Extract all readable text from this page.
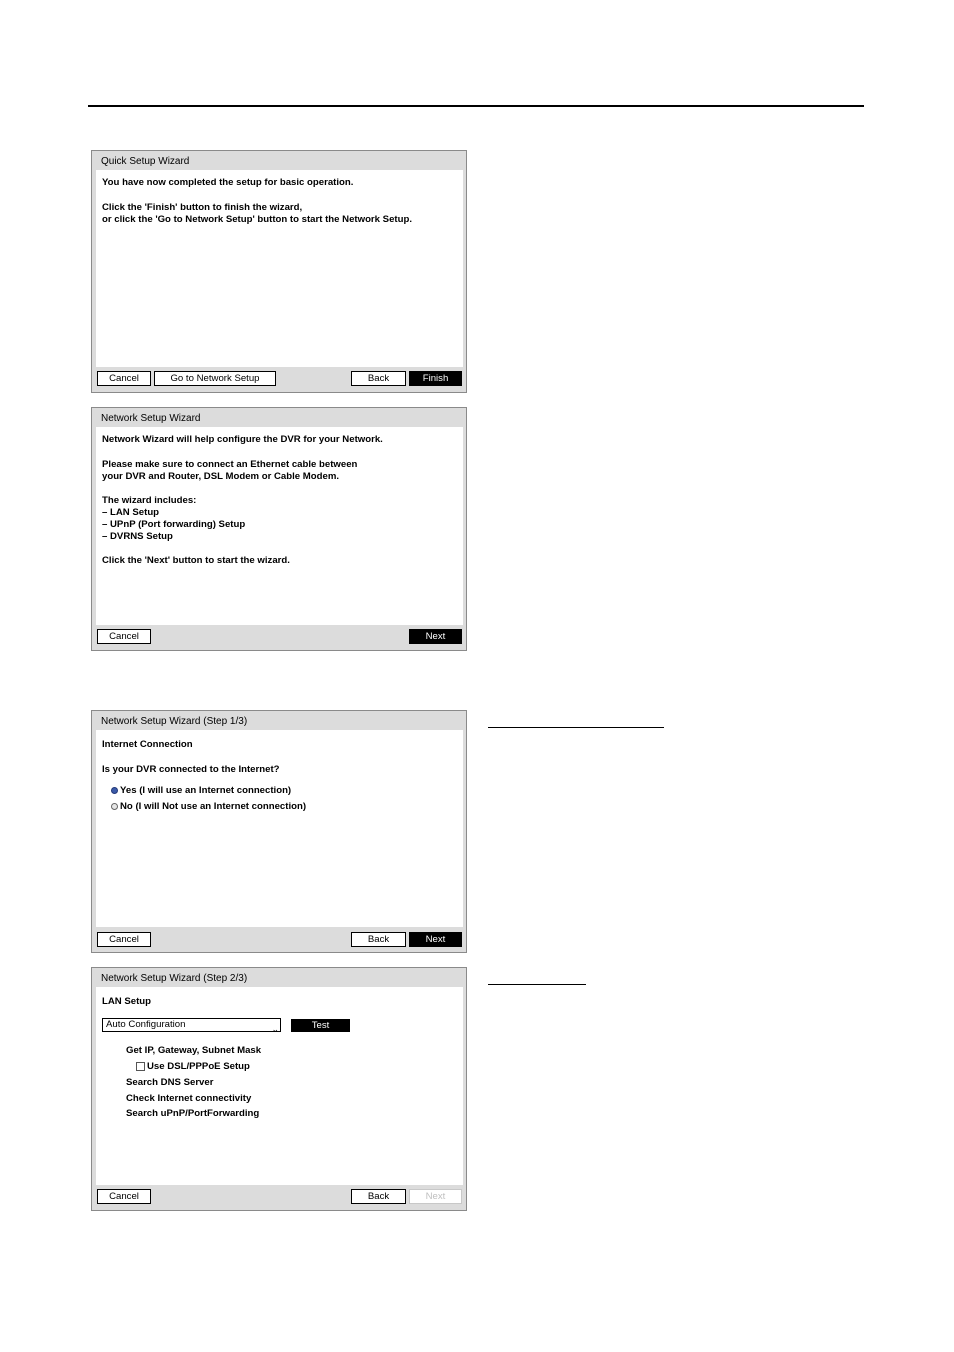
Quick Setup Wizard
You have now completed the setup for basic operation.
Click the 'Finish' button to finish the wizard,
or click the 'Go to Network Setup' button to start the Network Setup.
Cancel	Go to Network Setup	Back	Finish
Network Setup Wizard
Network Wizard will help configure the DVR for your Network.
Please make sure to connect an Ethernet cable between
your DVR and Router, DSL Modem or Cable Modem.
The wizard includes:
– LAN Setup
– UPnP (Port forwarding) Setup
– DVRNS Setup
Click the 'Next' button to start the wizard.
Cancel	Next
Network Setup Wizard (Step 1/3)
Internet Connection
Is your DVR connected to the Internet?
Yes (I will use an Internet connection)
No (I will Not use an Internet connection)
Cancel	Back	Next
Network Setup Wizard (Step 2/3)
LAN Setup
Auto Configuration	⌄	Test
Get IP, Gateway, Subnet Mask
Use DSL/PPPoE Setup
Search DNS Server
Check Internet connectivity
Search uPnP/PortForwarding
Cancel	Back	Next
